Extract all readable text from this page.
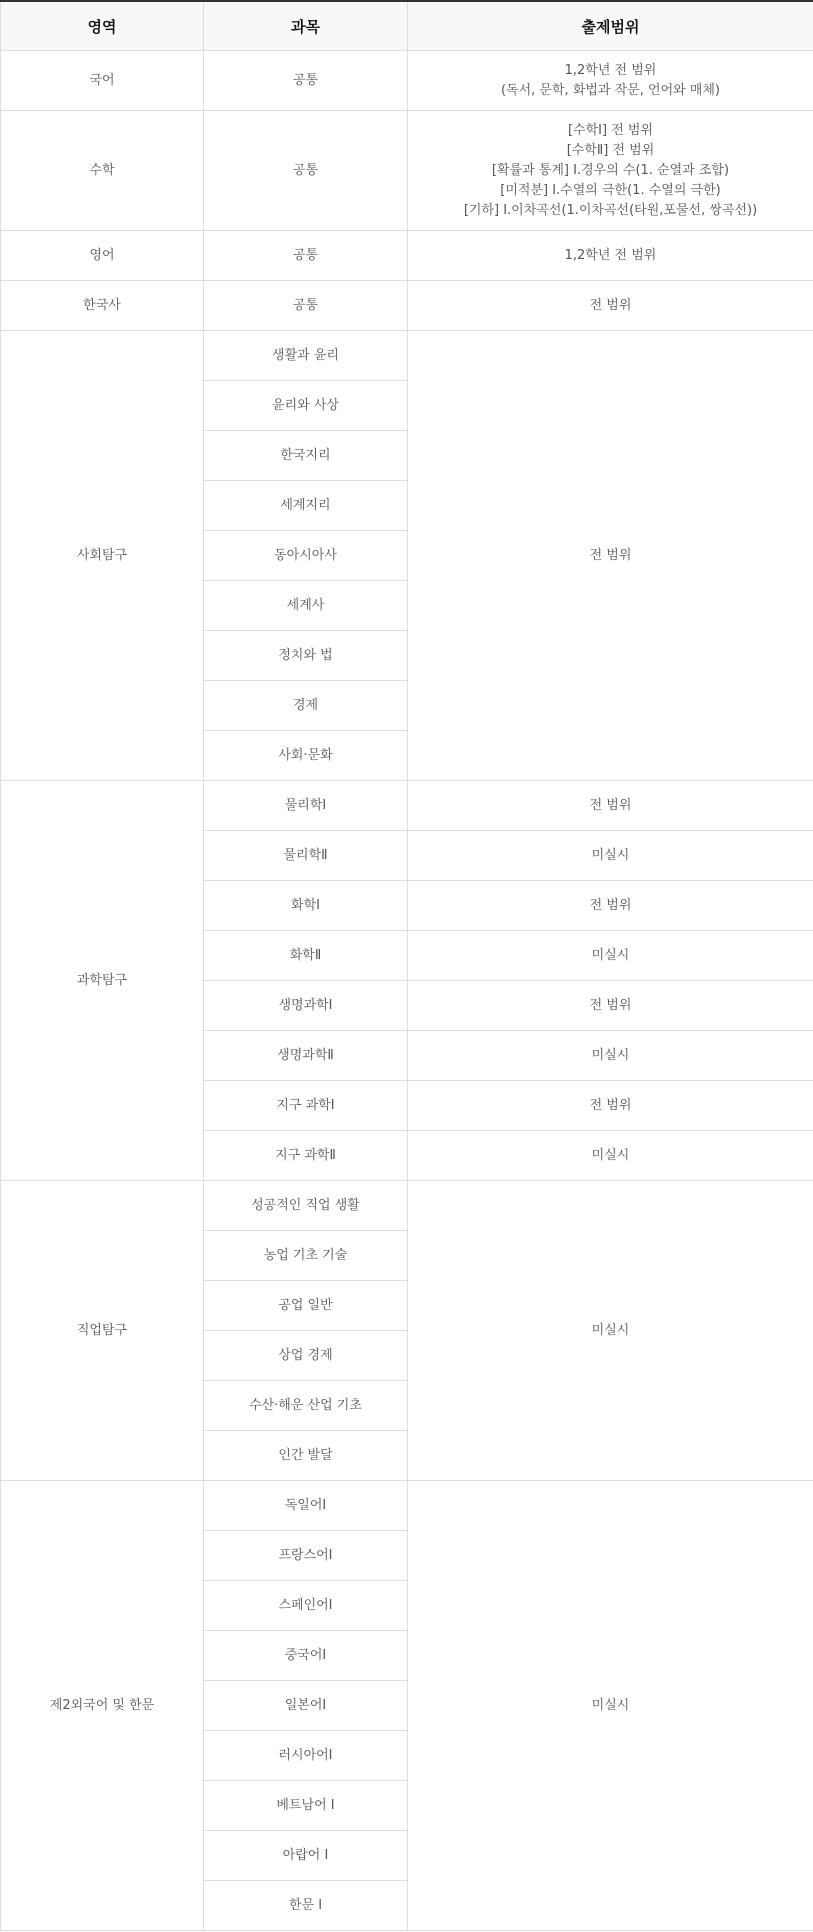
영역	과목	출제범위
국어	공통	1,2학년 전 범위
(독서, 문학, 화법과 작문, 언어와 매체)

수학	공통	[수학Ⅰ] 전 범위
[수학Ⅱ] 전 범위
[확률과 통계] Ⅰ.경우의 수(1. 순열과 조합)
[미적분] Ⅰ.수열의 극한(1. 수열의 극한)
[기하] Ⅰ.이차곡선(1.이차곡선(타원,포물선, 쌍곡선))

영어	공통	1,2학년 전 범위
한국사	공통	전 범위
사회탐구	생활과 윤리	전 범위
	윤리와 사상	
	한국지리	
	세계지리	
	동아시아사	
	세계사	
	정치와 법	
	경제	
	사회·문화	
과학탐구	물리학Ⅰ	전 범위
	물리학Ⅱ	미실시
	화학Ⅰ	전 범위
	화학Ⅱ	미실시
	생명과학Ⅰ	전 범위
	생명과학Ⅱ	미실시
	지구 과학Ⅰ	전 범위
	지구 과학Ⅱ	미실시
직업탐구	성공적인 직업 생활	미실시
	농업 기초 기술	
	공업 일반	
	상업 경제	
	수산·해운 산업 기초	
	인간 발달	
제2외국어 및 한문	독일어Ⅰ	미실시
	프랑스어Ⅰ	
	스페인어Ⅰ	
	중국어Ⅰ	
	일본어Ⅰ	
	러시아어Ⅰ	
	베트남어 Ⅰ	
	아랍어 Ⅰ	
	한문 Ⅰ	
